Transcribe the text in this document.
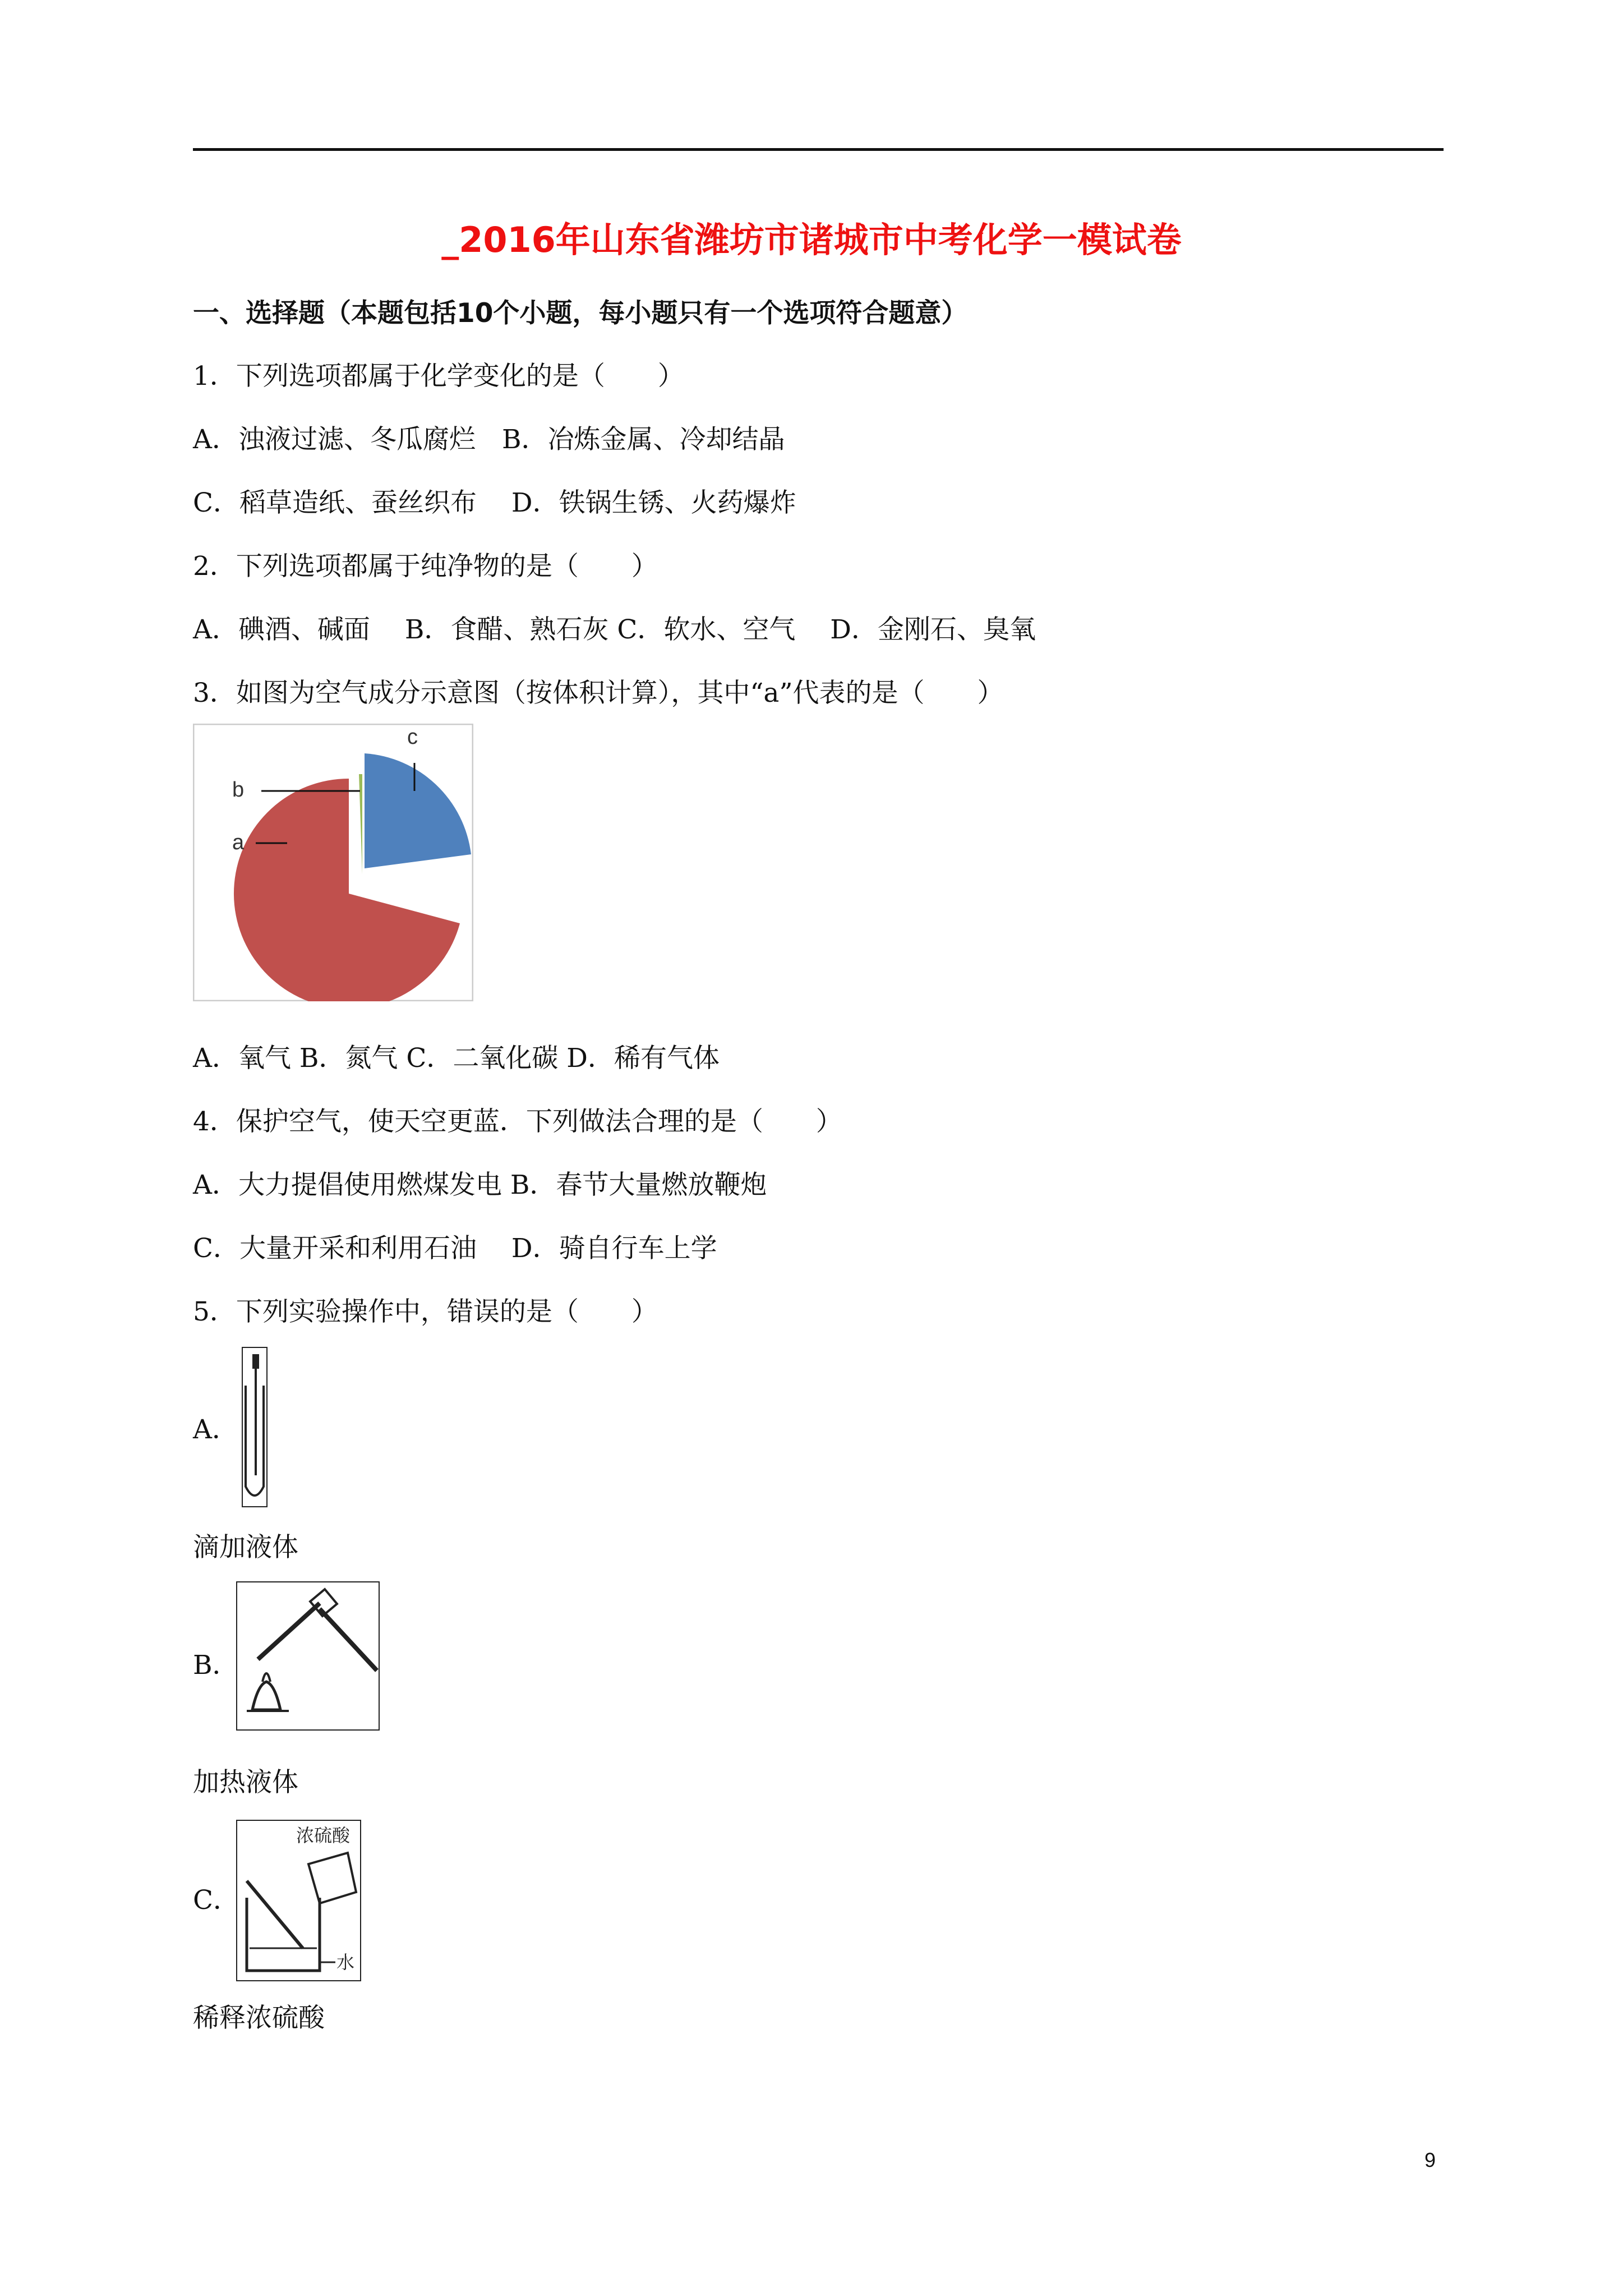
_2016年山东省潍坊市诸城市中考化学一模试卷
一、选择题（本题包括10个小题，每小题只有一个选项符合题意）
1．下列选项都属于化学变化的是（　　）
A．浊液过滤、冬瓜腐烂　B．冶炼金属、冷却结晶
C．稻草造纸、蚕丝织布　 D．铁锅生锈、火药爆炸
2．下列选项都属于纯净物的是（　　）
A．碘酒、碱面　 B．食醋、熟石灰 C．软水、空气　 D．金刚石、臭氧
3．如图为空气成分示意图（按体积计算），其中“a”代表的是（　　）
a
b
c
A．氧气 B．氮气 C．二氧化碳 D．稀有气体
4．保护空气，使天空更蓝．下列做法合理的是（　　）
A．大力提倡使用燃煤发电 B．春节大量燃放鞭炮
C．大量开采和利用石油　 D．骑自行车上学
5．下列实验操作中，错误的是（　　）
A．
滴加液体
B．
加热液体
C．
浓硫酸
水
稀释浓硫酸
9
